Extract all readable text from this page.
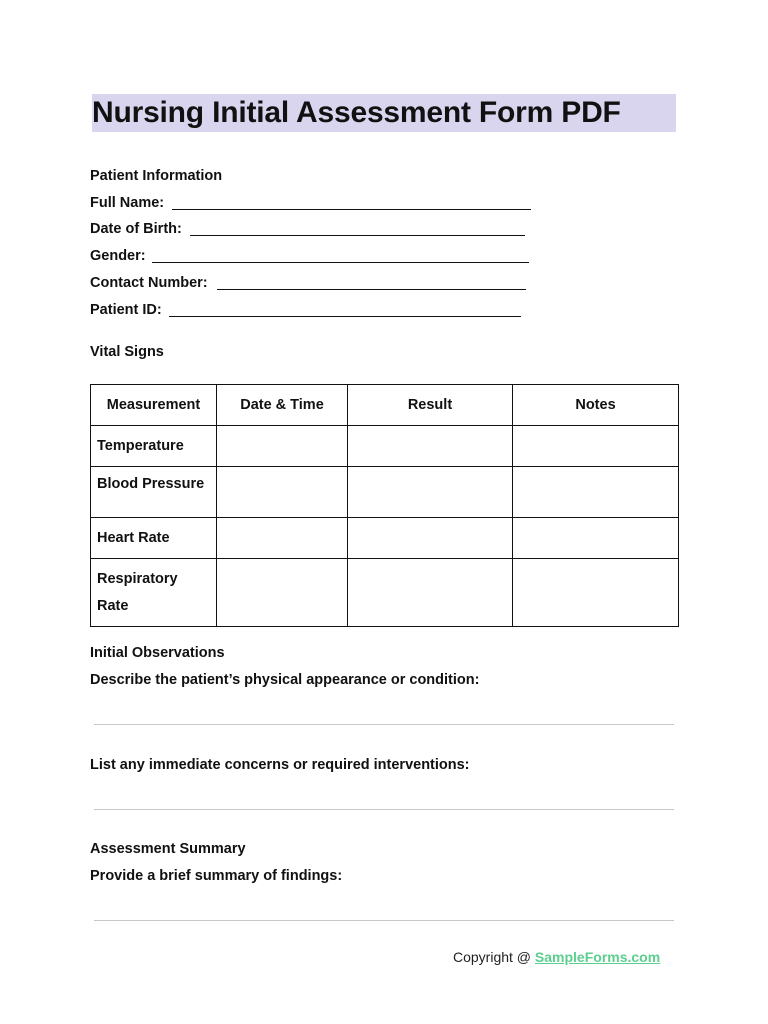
Nursing Initial Assessment Form PDF
Patient Information
Full Name:
Date of Birth:
Gender:
Contact Number:
Patient ID:
Vital Signs
Measurement	Date & Time	Result	Notes
Temperature			
Blood Pressure			
Heart Rate			
Respiratory Rate			
Initial Observations
Describe the patient’s physical appearance or condition:
List any immediate concerns or required interventions:
Assessment Summary
Provide a brief summary of findings:
Copyright @ SampleForms.com
